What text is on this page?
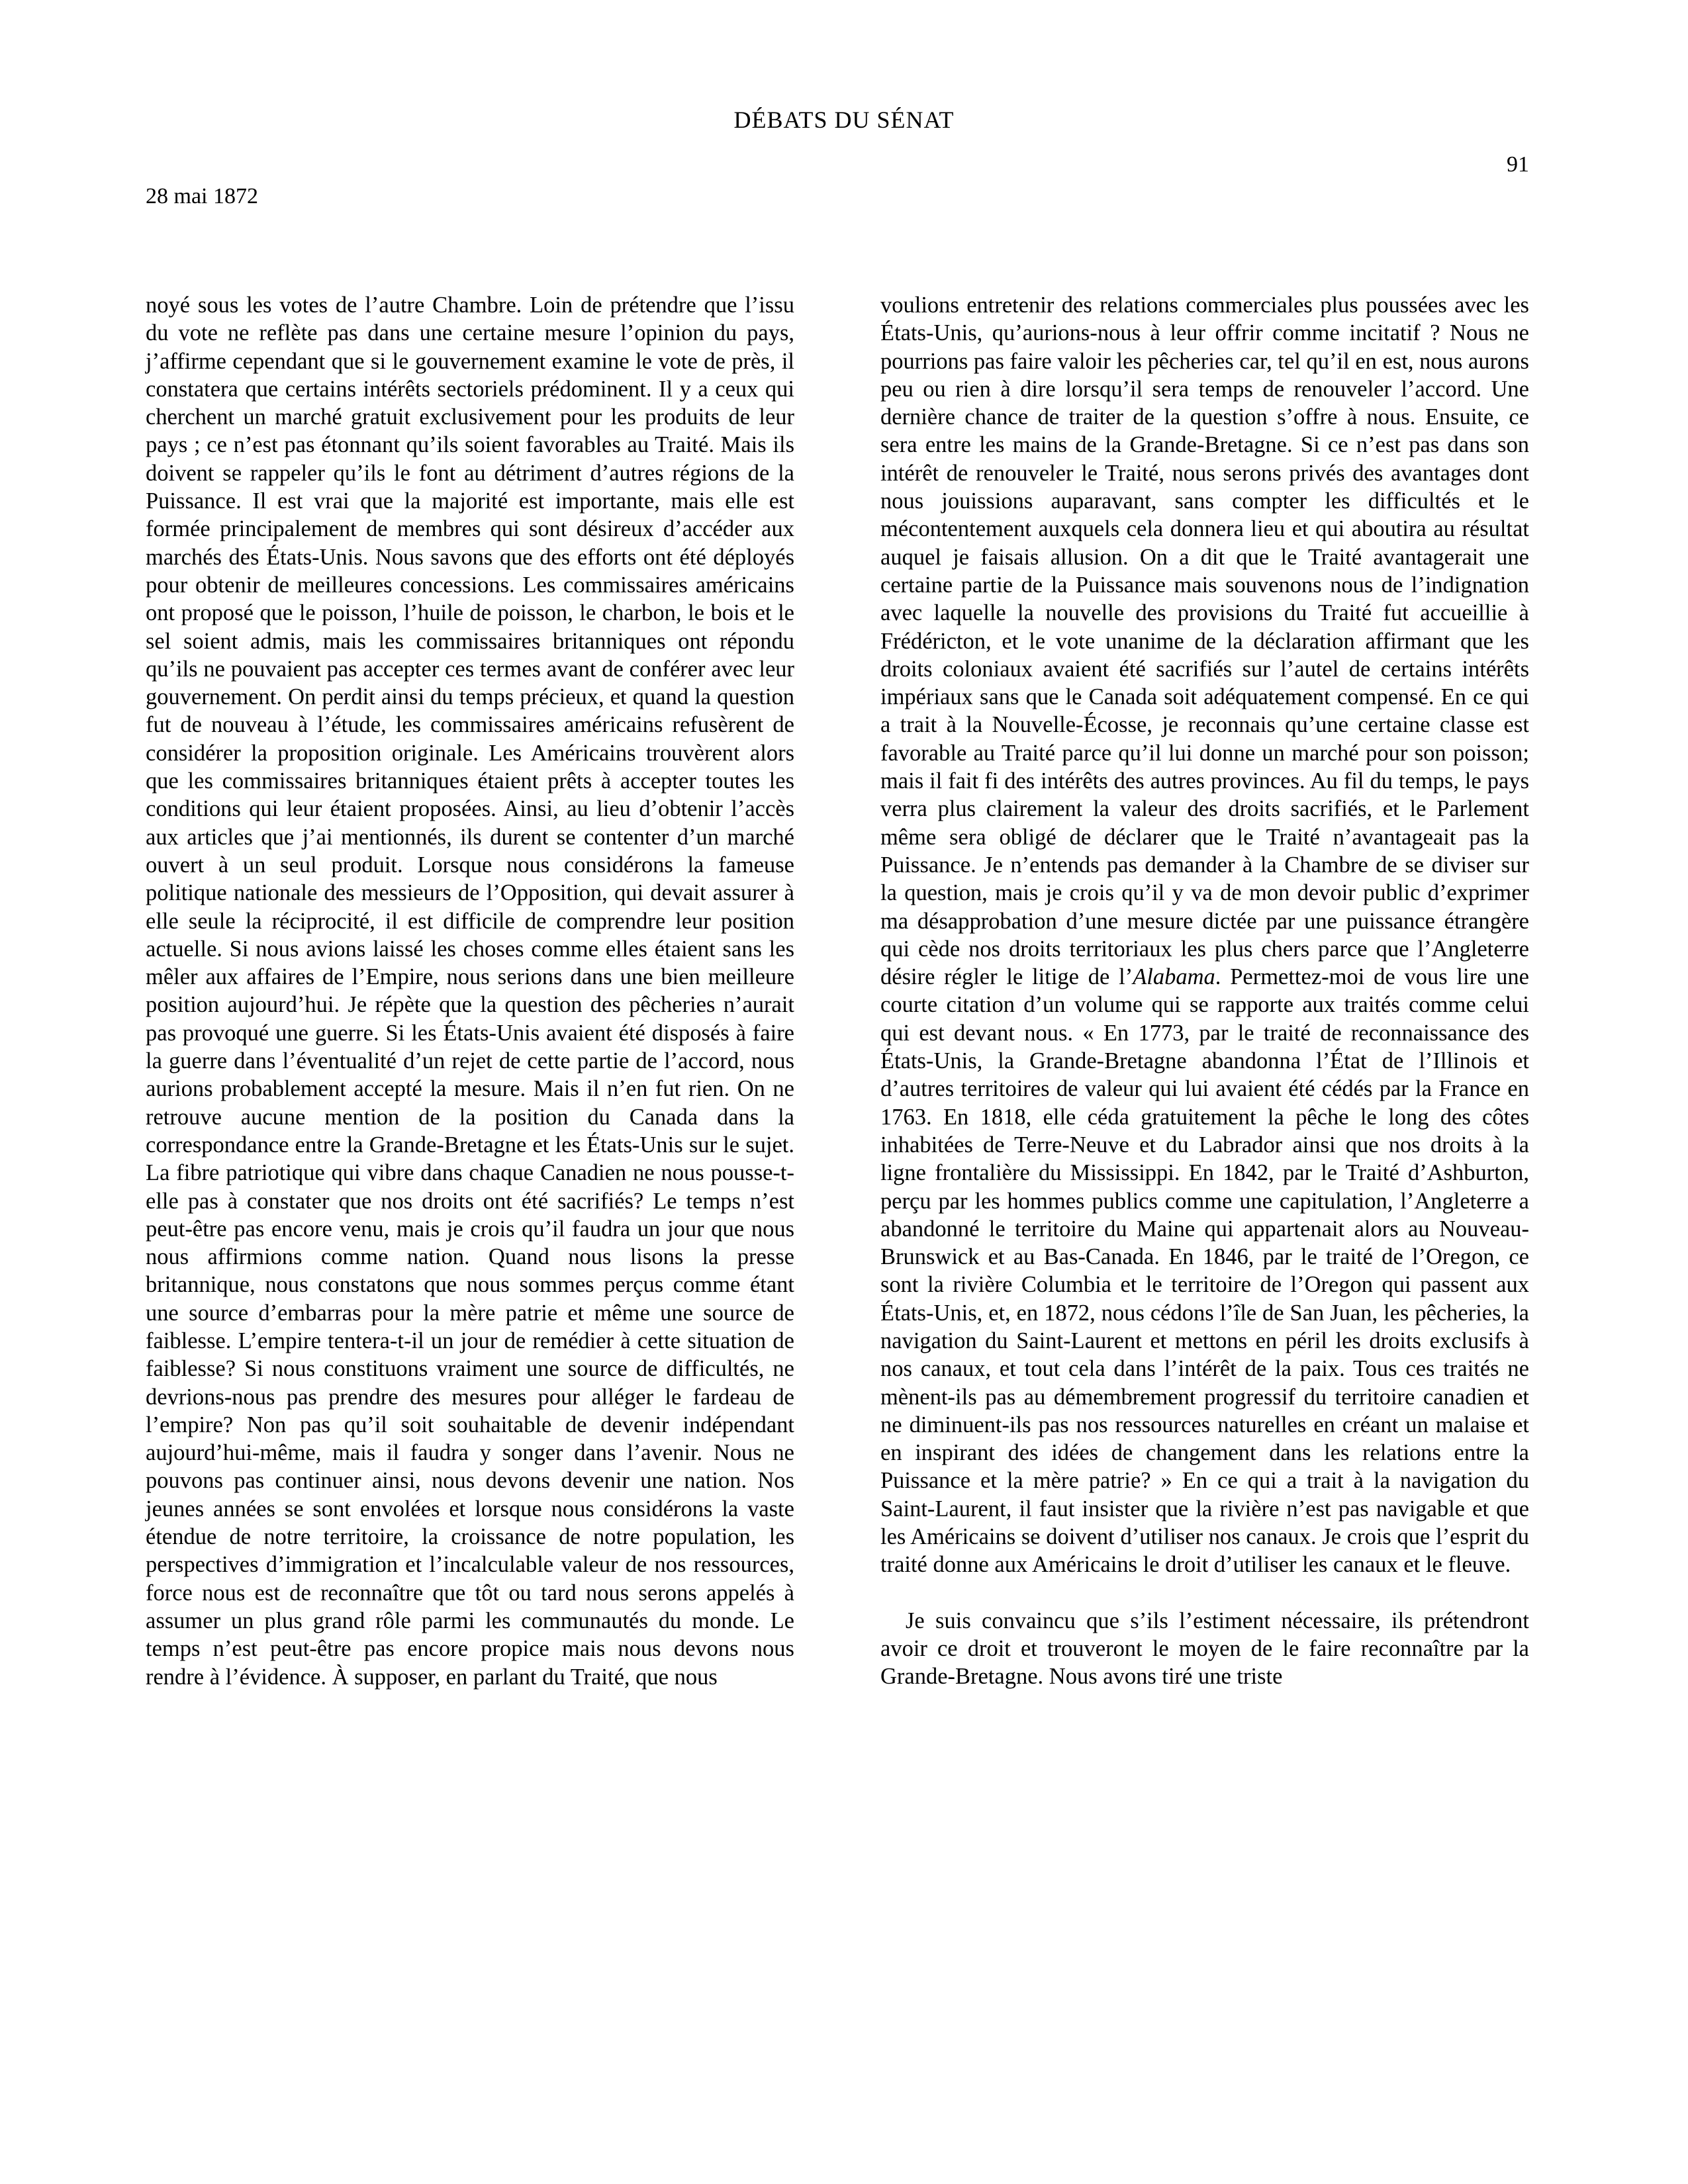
DÉBATS DU SÉNAT
91
28 mai 1872

noyé sous les votes de l’autre Chambre. Loin de prétendre que l’issu du vote ne reflète pas dans une certaine mesure l’opinion du pays, j’affirme cependant que si le gouvernement examine le vote de près, il constatera que certains intérêts sectoriels prédominent. Il y a ceux qui cherchent un marché gratuit exclusivement pour les produits de leur pays ; ce n’est pas étonnant qu’ils soient favorables au Traité. Mais ils doivent se rappeler qu’ils le font au détriment d’autres régions de la Puissance. Il est vrai que la majorité est importante, mais elle est formée principalement de membres qui sont désireux d’accéder aux marchés des États-Unis. Nous savons que des efforts ont été déployés pour obtenir de meilleures concessions. Les commissaires américains ont proposé que le poisson, l’huile de poisson, le charbon, le bois et le sel soient admis, mais les commissaires britanniques ont répondu qu’ils ne pouvaient pas accepter ces termes avant de conférer avec leur gouvernement. On perdit ainsi du temps précieux, et quand la question fut de nouveau à l’étude, les commissaires américains refusèrent de considérer la proposition originale. Les Américains trouvèrent alors que les commissaires britanniques étaient prêts à accepter toutes les conditions qui leur étaient proposées. Ainsi, au lieu d’obtenir l’accès aux articles que j’ai mentionnés, ils durent se contenter d’un marché ouvert à un seul produit. Lorsque nous considérons la fameuse politique nationale des messieurs de l’Opposition, qui devait assurer à elle seule la réciprocité, il est difficile de comprendre leur position actuelle. Si nous avions laissé les choses comme elles étaient sans les mêler aux affaires de l’Empire, nous serions dans une bien meilleure position aujourd’hui. Je répète que la question des pêcheries n’aurait pas provoqué une guerre. Si les États-Unis avaient été disposés à faire la guerre dans l’éventualité d’un rejet de cette partie de l’accord, nous aurions probablement accepté la mesure. Mais il n’en fut rien. On ne retrouve aucune mention de la position du Canada dans la correspondance entre la Grande-Bretagne et les États-Unis sur le sujet. La fibre patriotique qui vibre dans chaque Canadien ne nous pousse-t-elle pas à constater que nos droits ont été sacrifiés? Le temps n’est peut-être pas encore venu, mais je crois qu’il faudra un jour que nous nous affirmions comme nation. Quand nous lisons la presse britannique, nous constatons que nous sommes perçus comme étant une source d’embarras pour la mère patrie et même une source de faiblesse. L’empire tentera-t-il un jour de remédier à cette situation de faiblesse? Si nous constituons vraiment une source de difficultés, ne devrions-nous pas prendre des mesures pour alléger le fardeau de l’empire? Non pas qu’il soit souhaitable de devenir indépendant aujourd’hui-même, mais il faudra y songer dans l’avenir. Nous ne pouvons pas continuer ainsi, nous devons devenir une nation. Nos jeunes années se sont envolées et lorsque nous considérons la vaste étendue de notre territoire, la croissance de notre population, les perspectives d’immigration et l’incalculable valeur de nos ressources, force nous est de reconnaître que tôt ou tard nous serons appelés à assumer un plus grand rôle parmi les communautés du monde. Le temps n’est peut-être pas encore propice mais nous devons nous rendre à l’évidence. À supposer, en parlant du Traité, que nous

voulions entretenir des relations commerciales plus poussées avec les États-Unis, qu’aurions-nous à leur offrir comme incitatif ? Nous ne pourrions pas faire valoir les pêcheries car, tel qu’il en est, nous aurons peu ou rien à dire lorsqu’il sera temps de renouveler l’accord. Une dernière chance de traiter de la question s’offre à nous. Ensuite, ce sera entre les mains de la Grande-Bretagne. Si ce n’est pas dans son intérêt de renouveler le Traité, nous serons privés des avantages dont nous jouissions auparavant, sans compter les difficultés et le mécontentement auxquels cela donnera lieu et qui aboutira au résultat auquel je faisais allusion. On a dit que le Traité avantagerait une certaine partie de la Puissance mais souvenons nous de l’indignation avec laquelle la nouvelle des provisions du Traité fut accueillie à Frédéricton, et le vote unanime de la déclaration affirmant que les droits coloniaux avaient été sacrifiés sur l’autel de certains intérêts impériaux sans que le Canada soit adéquatement compensé. En ce qui a trait à la Nouvelle-Écosse, je reconnais qu’une certaine classe est favorable au Traité parce qu’il lui donne un marché pour son poisson; mais il fait fi des intérêts des autres provinces. Au fil du temps, le pays verra plus clairement la valeur des droits sacrifiés, et le Parlement même sera obligé de déclarer que le Traité n’avantageait pas la Puissance. Je n’entends pas demander à la Chambre de se diviser sur la question, mais je crois qu’il y va de mon devoir public d’exprimer ma désapprobation d’une mesure dictée par une puissance étrangère qui cède nos droits territoriaux les plus chers parce que l’Angleterre désire régler le litige de l’Alabama. Permettez-moi de vous lire une courte citation d’un volume qui se rapporte aux traités comme celui qui est devant nous. « En 1773, par le traité de reconnaissance des États-Unis, la Grande-Bretagne abandonna l’État de l’Illinois et d’autres territoires de valeur qui lui avaient été cédés par la France en 1763. En 1818, elle céda gratuitement la pêche le long des côtes inhabitées de Terre-Neuve et du Labrador ainsi que nos droits à la ligne frontalière du Mississippi. En 1842, par le Traité d’Ashburton, perçu par les hommes publics comme une capitulation, l’Angleterre a abandonné le territoire du Maine qui appartenait alors au Nouveau-Brunswick et au Bas-Canada. En 1846, par le traité de l’Oregon, ce sont la rivière Columbia et le territoire de l’Oregon qui passent aux États-Unis, et, en 1872, nous cédons l’île de San Juan, les pêcheries, la navigation du Saint-Laurent et mettons en péril les droits exclusifs à nos canaux, et tout cela dans l’intérêt de la paix. Tous ces traités ne mènent-ils pas au démembrement progressif du territoire canadien et ne diminuent-ils pas nos ressources naturelles en créant un malaise et en inspirant des idées de changement dans les relations entre la Puissance et la mère patrie? » En ce qui a trait à la navigation du Saint-Laurent, il faut insister que la rivière n’est pas navigable et que les Américains se doivent d’utiliser nos canaux. Je crois que l’esprit du traité donne aux Américains le droit d’utiliser les canaux et le fleuve.

Je suis convaincu que s’ils l’estiment nécessaire, ils prétendront avoir ce droit et trouveront le moyen de le faire reconnaître par la Grande-Bretagne. Nous avons tiré une triste
